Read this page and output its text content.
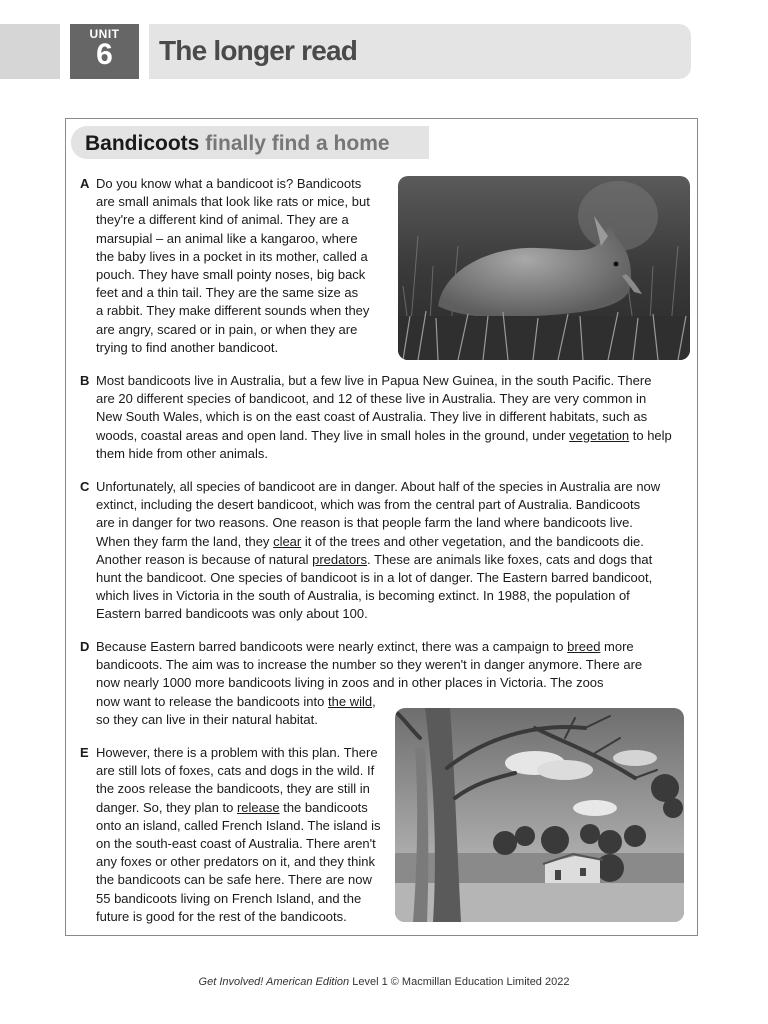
UNIT
6	The longer read
Bandicoots finally find a home
A Do you know what a bandicoot is? Bandicoots
are small animals that look like rats or mice, but
they're a different kind of animal. They are a
marsupial – an animal like a kangaroo, where
the baby lives in a pocket in its mother, called a
pouch. They have small pointy noses, big back
feet and a thin tail. They are the same size as
a rabbit. They make different sounds when they
are angry, scared or in pain, or when they are
trying to find another bandicoot.
B Most bandicoots live in Australia, but a few live in Papua New Guinea, in the south Pacific. There
are 20 different species of bandicoot, and 12 of these live in Australia. They are very common in
New South Wales, which is on the east coast of Australia. They live in different habitats, such as
woods, coastal areas and open land. They live in small holes in the ground, under vegetation to help
them hide from other animals.
C Unfortunately, all species of bandicoot are in danger. About half of the species in Australia are now
extinct, including the desert bandicoot, which was from the central part of Australia. Bandicoots
are in danger for two reasons. One reason is that people farm the land where bandicoots live.
When they farm the land, they clear it of the trees and other vegetation, and the bandicoots die.
Another reason is because of natural predators. These are animals like foxes, cats and dogs that
hunt the bandicoot. One species of bandicoot is in a lot of danger. The Eastern barred bandicoot,
which lives in Victoria in the south of Australia, is becoming extinct. In 1988, the population of
Eastern barred bandicoots was only about 100.
D Because Eastern barred bandicoots were nearly extinct, there was a campaign to breed more
bandicoots. The aim was to increase the number so they weren't in danger anymore. There are
now nearly 1000 more bandicoots living in zoos and in other places in Victoria. The zoos
now want to release the bandicoots into the wild,
so they can live in their natural habitat.
E However, there is a problem with this plan. There
are still lots of foxes, cats and dogs in the wild. If
the zoos release the bandicoots, they are still in
danger. So, they plan to release the bandicoots
onto an island, called French Island. The island is
on the south-east coast of Australia. There aren't
any foxes or other predators on it, and they think
the bandicoots can be safe here. There are now
55 bandicoots living on French Island, and the
future is good for the rest of the bandicoots.
Get Involved! American Edition Level 1 © Macmillan Education Limited 2022
